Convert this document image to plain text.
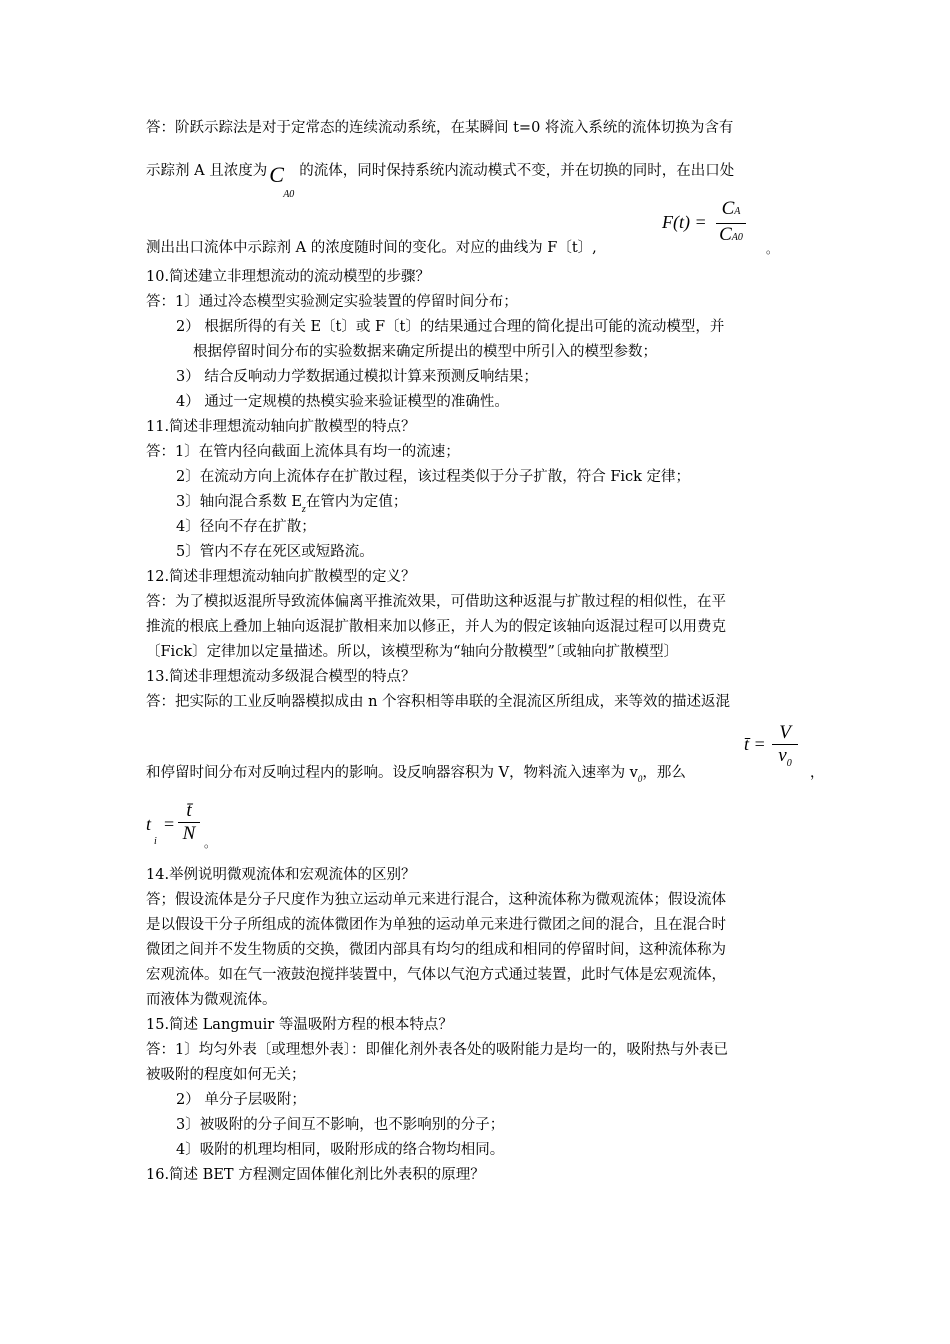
答：阶跃示踪法是对于定常态的连续流动系统，在某瞬间 t=0 将流入系统的流体切换为含有
示踪剂 A 且浓度为 C
A0
的流体，同时保持系统内流动模式不变，并在切换的同时，在出口处
测出出口流体中示踪剂 A 的浓度随时间的变化。对应的曲线为 F〔t〕,
F(t) =
CA
CA0
。
10.简述建立非理想流动的流动模型的步骤？
答：1〕通过冷态模型实验测定实验装置的停留时间分布；
2） 根据所得的有关 E〔t〕或 F〔t〕的结果通过合理的简化提出可能的流动模型，并
根据停留时间分布的实验数据来确定所提出的模型中所引入的模型参数；
3） 结合反响动力学数据通过模拟计算来预测反响结果；
4） 通过一定规模的热模实验来验证模型的准确性。
11.简述非理想流动轴向扩散模型的特点？
答：1〕在管内径向截面上流体具有均一的流速；
2〕在流动方向上流体存在扩散过程，该过程类似于分子扩散，符合 Fick 定律；
3〕轴向混合系数 $E_z$在管内为定值；
4〕径向不存在扩散；
5〕管内不存在死区或短路流。
12.简述非理想流动轴向扩散模型的定义？
答：为了模拟返混所导致流体偏离平推流效果，可借助这种返混与扩散过程的相似性，在平
推流的根底上叠加上轴向返混扩散相来加以修正，并人为的假定该轴向返混过程可以用费克
〔Fick〕定律加以定量描述。所以，该模型称为“轴向分散模型”〔或轴向扩散模型〕
13.简述非理想流动多级混合模型的特点？
答：把实际的工业反响器模拟成由 n 个容积相等串联的全混流区所组成，来等效的描述返混
和停留时间分布对反响过程内的影响。设反响器容积为 V，物料流入速率为 $v_0$，那么
t̄ =
V
$v_0$
，
t
i
=
t̄
N 。
14.举例说明微观流体和宏观流体的区别？
答；假设流体是分子尺度作为独立运动单元来进行混合，这种流体称为微观流体；假设流体
是以假设干分子所组成的流体微团作为单独的运动单元来进行微团之间的混合，且在混合时
微团之间并不发生物质的交换，微团内部具有均匀的组成和相同的停留时间，这种流体称为
宏观流体。如在气一液鼓泡搅拌装置中，气体以气泡方式通过装置，此时气体是宏观流体，
而液体为微观流体。
15.简述 Langmuir 等温吸附方程的根本特点？
答：1〕均匀外表〔或理想外表〕：即催化剂外表各处的吸附能力是均一的，吸附热与外表已
被吸附的程度如何无关；
2） 单分子层吸附；
3〕被吸附的分子间互不影响，也不影响别的分子；
4〕吸附的机理均相同，吸附形成的络合物均相同。
16.简述 BET 方程测定固体催化剂比外表积的原理？
